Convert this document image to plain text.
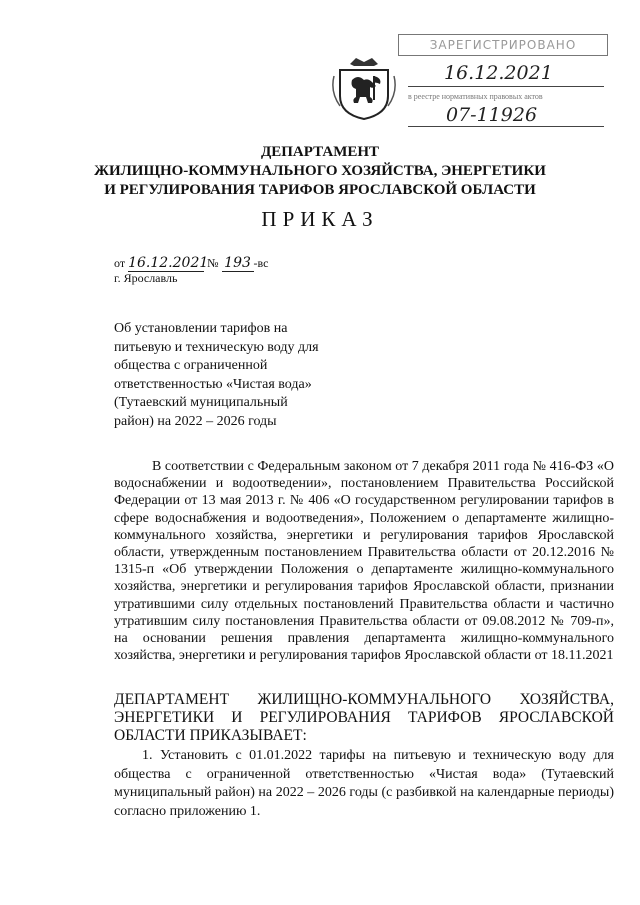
ЗАРЕГИСТРИРОВАНО
16.12.2021
в реестре нормативных правовых актов
07-11926
ДЕПАРТАМЕНТ
ЖИЛИЩНО-КОММУНАЛЬНОГО ХОЗЯЙСТВА, ЭНЕРГЕТИКИ
И РЕГУЛИРОВАНИЯ ТАРИФОВ ЯРОСЛАВСКОЙ ОБЛАСТИ
ПРИКАЗ
от 16.12.2021 № 193 -вс
г. Ярославль
Об установлении тарифов на
питьевую и техническую воду для
общества с ограниченной
ответственностью «Чистая вода»
(Тутаевский муниципальный
район) на 2022 – 2026 годы

В соответствии с Федеральным законом от 7 декабря 2011 года № 416-ФЗ «О водоснабжении и водоотведении», постановлением Правительства Российской Федерации от 13 мая 2013 г. № 406 «О государственном регулировании тарифов в сфере водоснабжения и водоотведения», Положением о департаменте жилищно-коммунального хозяйства, энергетики и регулирования тарифов Ярославской области, утвержденным постановлением Правительства области от 20.12.2016 № 1315-п «Об утверждении Положения о департаменте жилищно-коммунального хозяйства, энергетики и регулирования тарифов Ярославской области, признании утратившими силу отдельных постановлений Правительства области и частично утратившим силу постановления Правительства области от 09.08.2012 № 709-п», на основании решения правления департамента жилищно-коммунального хозяйства, энергетики и регулирования тарифов Ярославской области от 18.11.2021

ДЕПАРТАМЕНТ ЖИЛИЩНО-КОММУНАЛЬНОГО ХОЗЯЙСТВА, ЭНЕРГЕТИКИ И РЕГУЛИРОВАНИЯ ТАРИФОВ ЯРОСЛАВСКОЙ ОБЛАСТИ ПРИКАЗЫВАЕТ:
1. Установить с 01.01.2022 тарифы на питьевую и техническую воду для общества с ограниченной ответственностью «Чистая вода» (Тутаевский муниципальный район) на 2022 – 2026 годы (с разбивкой на календарные периоды) согласно приложению 1.
